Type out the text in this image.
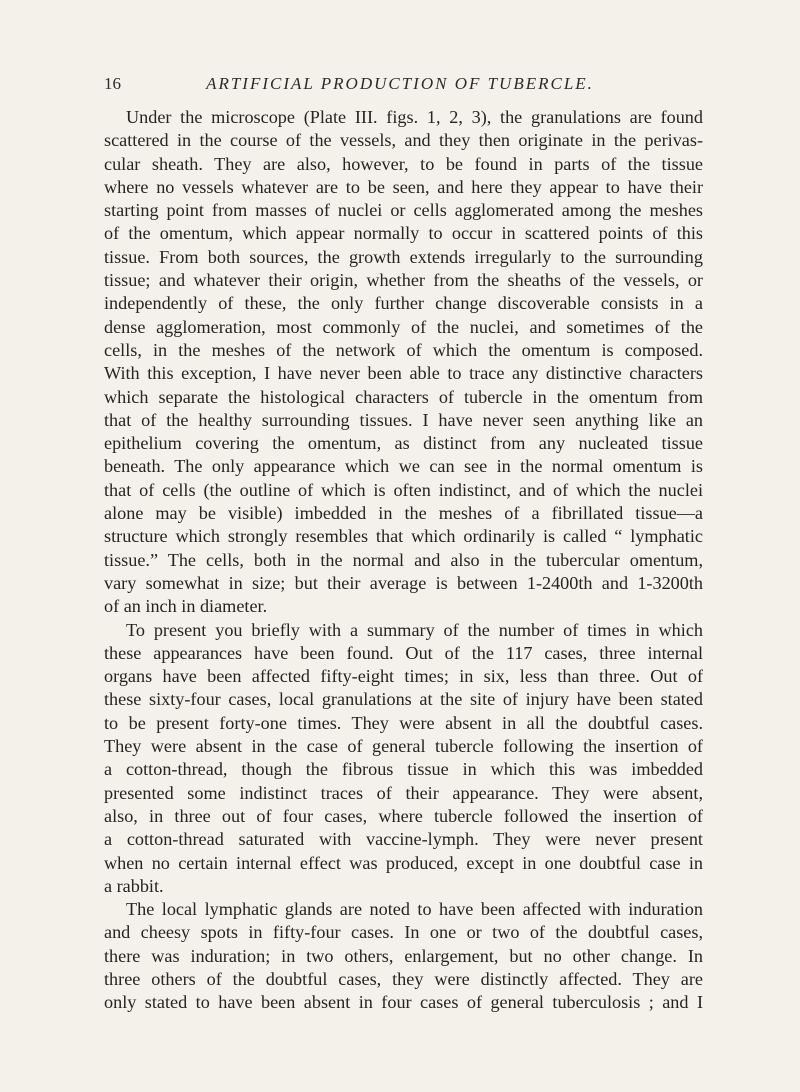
16	ARTIFICIAL PRODUCTION OF TUBERCLE.
Under the microscope (Plate III. figs. 1, 2, 3), the granulations are found
scattered in the course of the vessels, and they then originate in the perivas-
cular sheath. They are also, however, to be found in parts of the tissue
where no vessels whatever are to be seen, and here they appear to have their
starting point from masses of nuclei or cells agglomerated among the meshes
of the omentum, which appear normally to occur in scattered points of this
tissue. From both sources, the growth extends irregularly to the surrounding
tissue; and whatever their origin, whether from the sheaths of the vessels, or
independently of these, the only further change discoverable consists in a
dense agglomeration, most commonly of the nuclei, and sometimes of the
cells, in the meshes of the network of which the omentum is composed.
With this exception, I have never been able to trace any distinctive characters
which separate the histological characters of tubercle in the omentum from
that of the healthy surrounding tissues. I have never seen anything like an
epithelium covering the omentum, as distinct from any nucleated tissue
beneath. The only appearance which we can see in the normal omentum is
that of cells (the outline of which is often indistinct, and of which the nuclei
alone may be visible) imbedded in the meshes of a fibrillated tissue—a
structure which strongly resembles that which ordinarily is called “ lymphatic
tissue.” The cells, both in the normal and also in the tubercular omentum,
vary somewhat in size; but their average is between 1-2400th and 1-3200th
of an inch in diameter.
To present you briefly with a summary of the number of times in which
these appearances have been found. Out of the 117 cases, three internal
organs have been affected fifty-eight times; in six, less than three. Out of
these sixty-four cases, local granulations at the site of injury have been stated
to be present forty-one times. They were absent in all the doubtful cases.
They were absent in the case of general tubercle following the insertion of
a cotton-thread, though the fibrous tissue in which this was imbedded
presented some indistinct traces of their appearance. They were absent,
also, in three out of four cases, where tubercle followed the insertion of
a cotton-thread saturated with vaccine-lymph. They were never present
when no certain internal effect was produced, except in one doubtful case in
a rabbit.
The local lymphatic glands are noted to have been affected with induration
and cheesy spots in fifty-four cases. In one or two of the doubtful cases,
there was induration; in two others, enlargement, but no other change. In
three others of the doubtful cases, they were distinctly affected. They are
only stated to have been absent in four cases of general tuberculosis ; and I
